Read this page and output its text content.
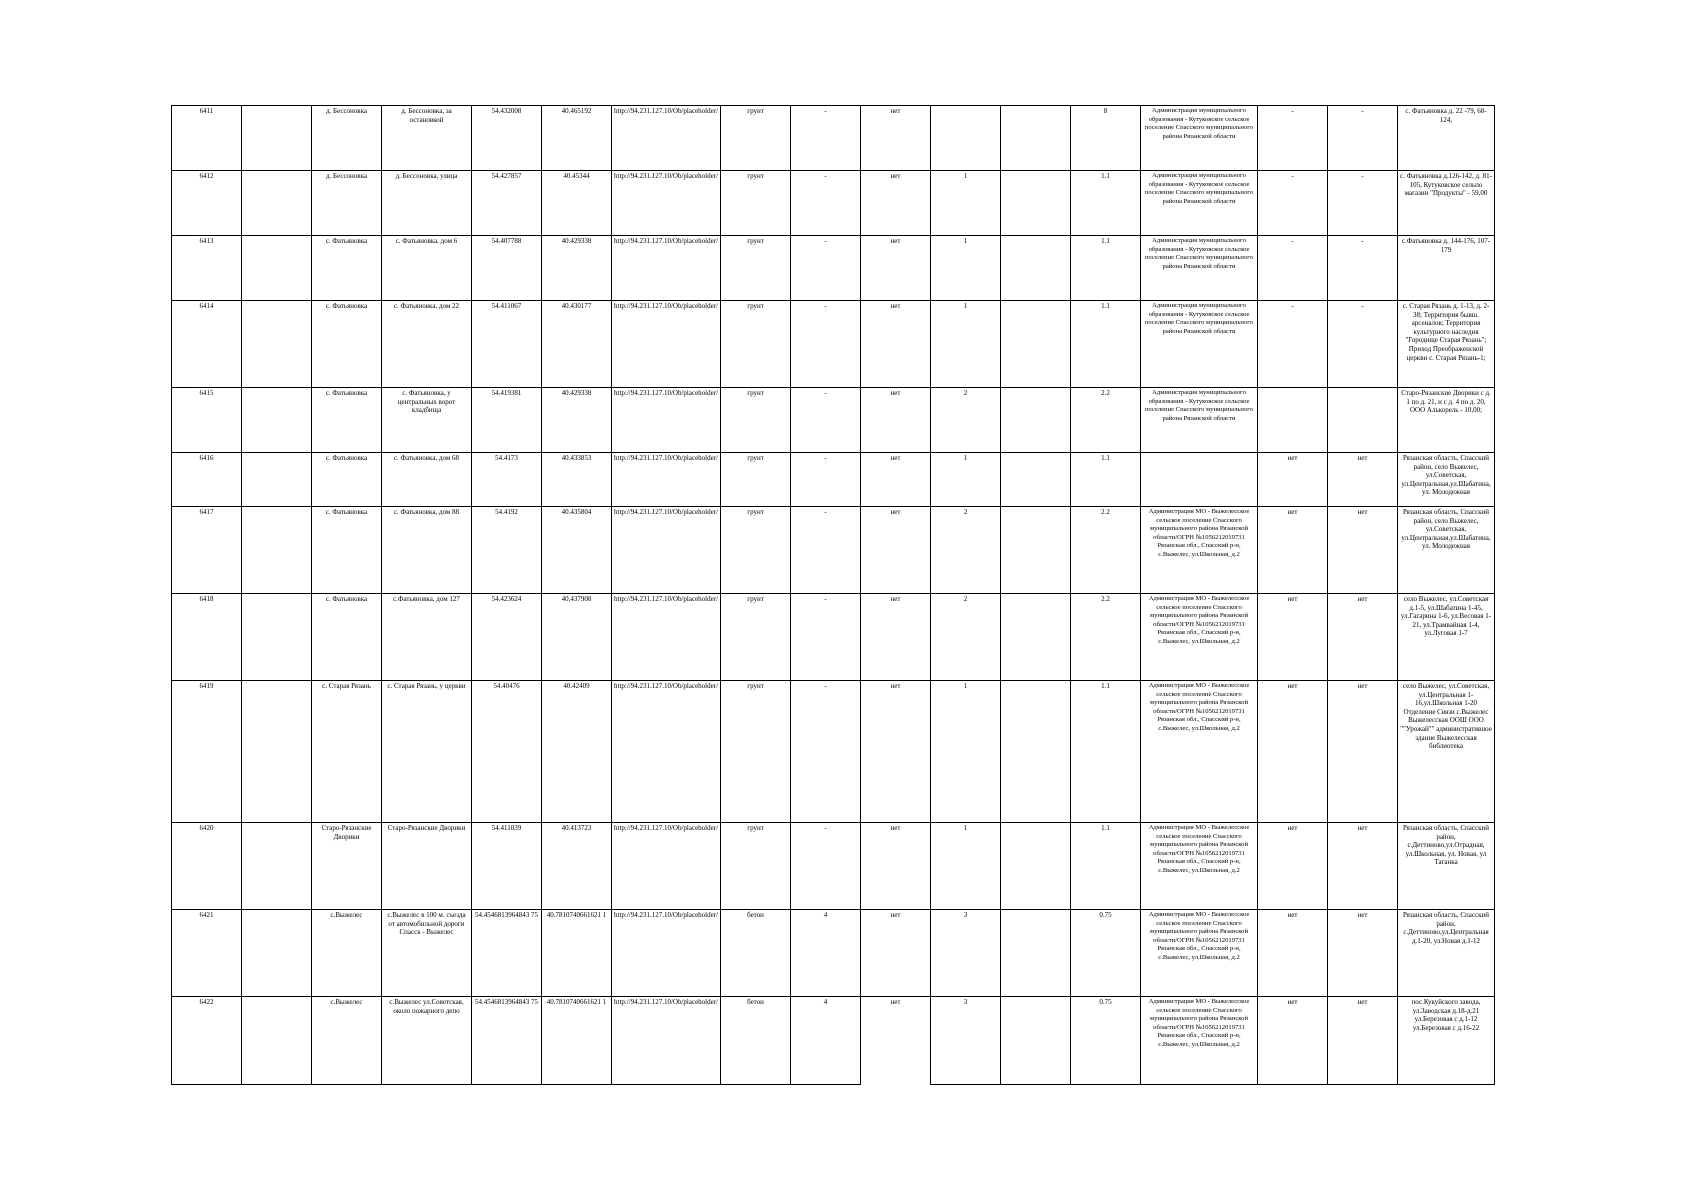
6411		д. Бессоновка	д. Бессоновка, за остановкой	54.432008	40.465192	http://94.231.127.10/Ob/placeholder/	грунт	-	нет			8	Администрация муниципального образования - Кутуковское сельское поселение Спасского муниципального района Рязанской области	-	-	с. Фатьяновка д. 22 -79, 68-124,
6412		д. Бессоновка	д. Бессоновка, улица	54.427857	40.45344	http://94.231.127.10/Ob/placeholder/	грунт	-	нет	1		1.1	Администрация муниципального образования - Кутуковское сельское поселение Спасского муниципального района Рязанской области	-	-	с. Фатьяновка д.126-142, д. 81-105, Кутуковское сельпо магазин "Продукты" - 59,00
6413		с. Фатьяновка	с. Фатьяновка, дом 6	54.407788	40.429338	http://94.231.127.10/Ob/placeholder/	грунт	-	нет	1		1.1	Администрация муниципального образования - Кутуковское сельское поселение Спасского муниципального района Рязанской области	-	-	с.Фатьяновка д. 144-176, 107-179
6414		с. Фатьяновка	с. Фатьяновка, дом 22	54.411067	40.430177	http://94.231.127.10/Ob/placeholder/	грунт	-	нет	1		1.1	Администрация муниципального образования - Кутуковское сельское поселение Спасского муниципального района Рязанской области	-	-	с. Старая Рязань д. 1-13, д. 2-38; Территория бывш. арсеналов; Территория культурного наследия "Городище Старая Рязань"; Приход Преображенской церкви с. Старая Рязань-1;
6415		с. Фатьяновка	с. Фатьяновка, у центральных ворот кладбища	54.419381	40.429338	http://94.231.127.10/Ob/placeholder/	грунт	-	нет	2		2.2	Администрация муниципального образования - Кутуковское сельское поселение Спасского муниципального района Рязанской области			Старо-Рязанские Дворики с д. 1 по д. 21, и с д. 4 по д. 20, ООО Алькорель - 10,00;
6416		с. Фатьяновка	с. Фатьяновка, дом 68	54.4173	40.433853	http://94.231.127.10/Ob/placeholder/	грунт	-	нет	1		1.1		нет	нет	Рязанская область, Спасский район, село Выжелес, ул.Советская, ул.Центральная,ул.Шабатина, ул. Молодежная
6417		с. Фатьяновка	с. Фатьяновка, дом 88	54.4192	40.435804	http://94.231.127.10/Ob/placeholder/	грунт	-	нет	2		2.2	Администрация МО - Выжелесское сельское поселение Спасского муниципального района Рязанской области/ОГРН №1056212019731 Рязанская обл., Спасский р-н, с.Выжелес, ул.Школьная, д.2	нет	нет	Рязанская область, Спасский район, село Выжелес, ул.Советская, ул.Центральная,ул.Шабатина, ул. Молодежная
6418		с. Фатьяновка	с.Фатьяновка, дом 127	54.423624	40.437908	http://94.231.127.10/Ob/placeholder/	грунт	-	нет	2		2.2	Администрация МО - Выжелесское сельское поселение Спасского муниципального района Рязанской области/ОГРН №1056212019731 Рязанская обл., Спасский р-н, с.Выжелес, ул.Школьная, д.2	нет	нет	село Выжелес, ул.Советская д.1-5, ул.Шабатина 1-45, ул.Гагарина 1-6, ул.Весовая 1-21, ул.Трамвайная 1-4, ул.Луговая 1-7
6419		с. Старая Рязань	с. Старая Рязань, у церкви	54.40476	40.42409	http://94.231.127.10/Ob/placeholder/	грунт	-	нет	1		1.1	Администрация МО - Выжелесское сельское поселение Спасского муниципального района Рязанской области/ОГРН №1056212019731 Рязанская обл., Спасский р-н, с.Выжелес, ул.Школьная, д.2	нет	нет	село Выжелес, ул.Советская, ул.Центральная 1-16,ул.Школьная 1-20 Отделение Связи с.Выжелес Выжелесская ООШ ООО ""Урожай"" административное здание Выжелесская библиотека
6420		Старо-Рязанские Дворики	Старо-Рязанские Дворики	54.411039	40.413723	http://94.231.127.10/Ob/placeholder/	грунт	-	нет	1		1.1	Администрация МО - Выжелесское сельское поселение Спасского муниципального района Рязанской области/ОГРН №1056212019731 Рязанская обл., Спасский р-н, с.Выжелес, ул.Школьная, д.2	нет	нет	Рязанская область, Спасский район, с.Деттиново,ул.Отрадная, ул.Школьная, ул. Новая, ул Таганка
6421		с.Выжелес	с.Выжелес в 100 м. съезда от автомобильной дороги Спасск - Выжелес	54.4546813964843 75	40.7810740661621 1	http://94.231.127.10/Ob/placeholder/	бетон	4	нет	3		0.75	Администрация МО - Выжелесское сельское поселение Спасского муниципального района Рязанской области/ОГРН №1056212019731 Рязанская обл., Спасский р-н, с.Выжелес, ул.Школьная, д.2	нет	нет	Рязанская область, Спасский район, с.Деттиново,ул.Центральная д.1-20, ул.Новая д.1-12
6422		с.Выжелес	с.Выжелес ул.Советская, около пожарного депо	54.4546813964843 75	40.7810740661621 1	http://94.231.127.10/Ob/placeholder/	бетон	4	нет	3		0.75	Администрация МО - Выжелесское сельское поселение Спасского муниципального района Рязанской области/ОГРН №1056212019731 Рязанская обл., Спасский р-н, с.Выжелес, ул.Школьная, д.2	нет	нет	пос.Кукуйского завода, ул.Заводская д.18-д.21 ул.Березовая с д.1-12 ул.Березовая с д.16-22
